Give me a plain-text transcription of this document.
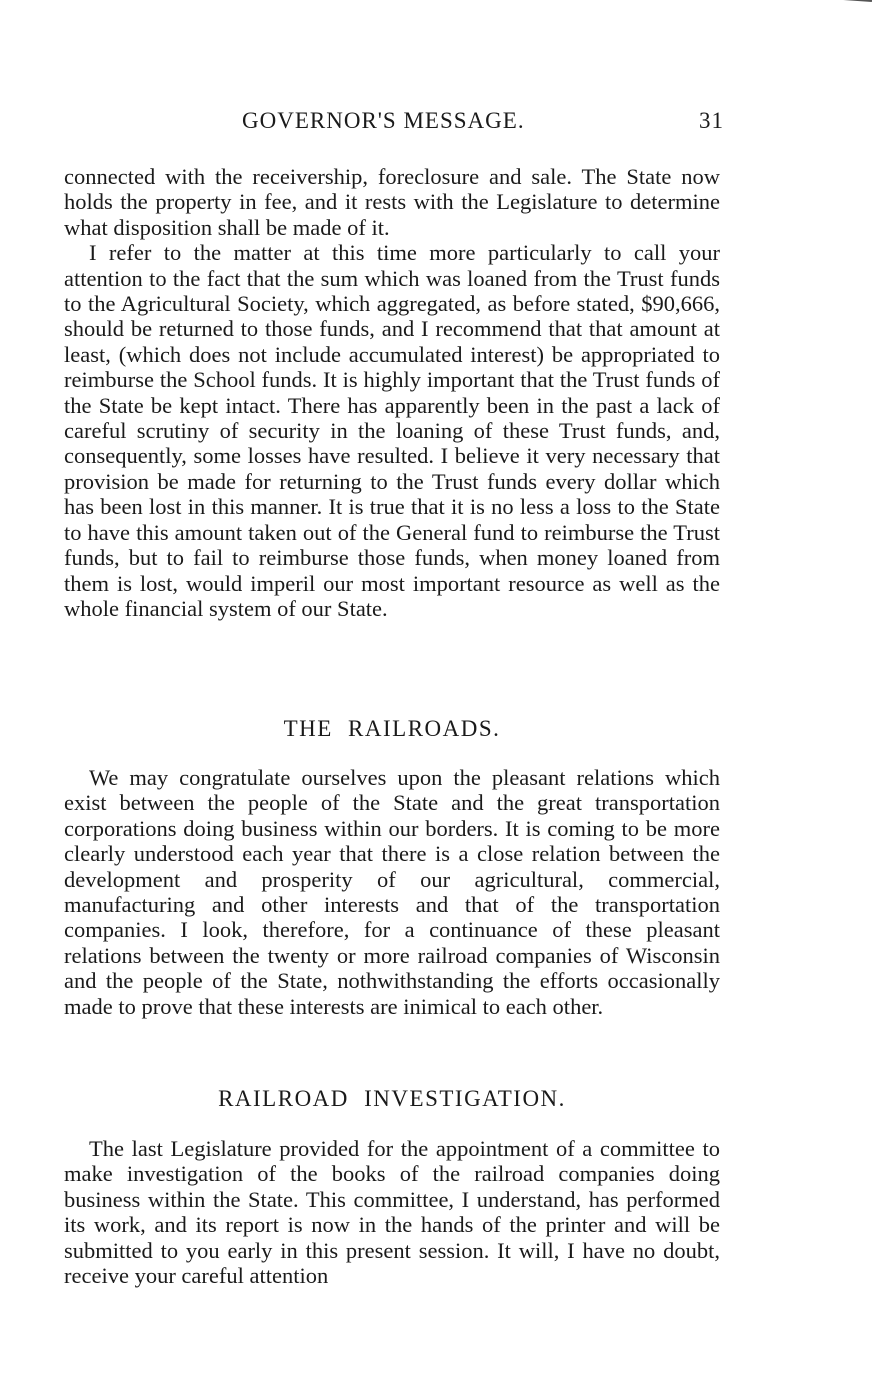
GOVERNOR'S MESSAGE.	31

connected with the receivership, foreclosure and sale. The State now holds the property in fee, and it rests with the Legislature to determine what disposition shall be made of it.

I refer to the matter at this time more particularly to call your attention to the fact that the sum which was loaned from the Trust funds to the Agricultural Society, which aggregated, as before stated, $90,666, should be returned to those funds, and I recommend that that amount at least, (which does not include accumulated interest) be appropriated to reimburse the School funds. It is highly important that the Trust funds of the State be kept intact. There has apparently been in the past a lack of careful scrutiny of security in the loaning of these Trust funds, and, consequently, some losses have resulted. I believe it very necessary that provision be made for returning to the Trust funds every dollar which has been lost in this manner. It is true that it is no less a loss to the State to have this amount taken out of the General fund to reimburse the Trust funds, but to fail to reimburse those funds, when money loaned from them is lost, would imperil our most important resource as well as the whole financial system of our State.

THE RAILROADS.

We may congratulate ourselves upon the pleasant relations which exist between the people of the State and the great transportation corporations doing business within our borders. It is coming to be more clearly understood each year that there is a close relation between the development and prosperity of our agricultural, commercial, manufacturing and other interests and that of the transportation companies. I look, therefore, for a continuance of these pleasant relations between the twenty or more railroad companies of Wisconsin and the people of the State, nothwithstanding the efforts occasionally made to prove that these interests are inimical to each other.

RAILROAD INVESTIGATION.

The last Legislature provided for the appointment of a committee to make investigation of the books of the railroad companies doing business within the State. This committee, I understand, has performed its work, and its report is now in the hands of the printer and will be submitted to you early in this present session. It will, I have no doubt, receive your careful attention
